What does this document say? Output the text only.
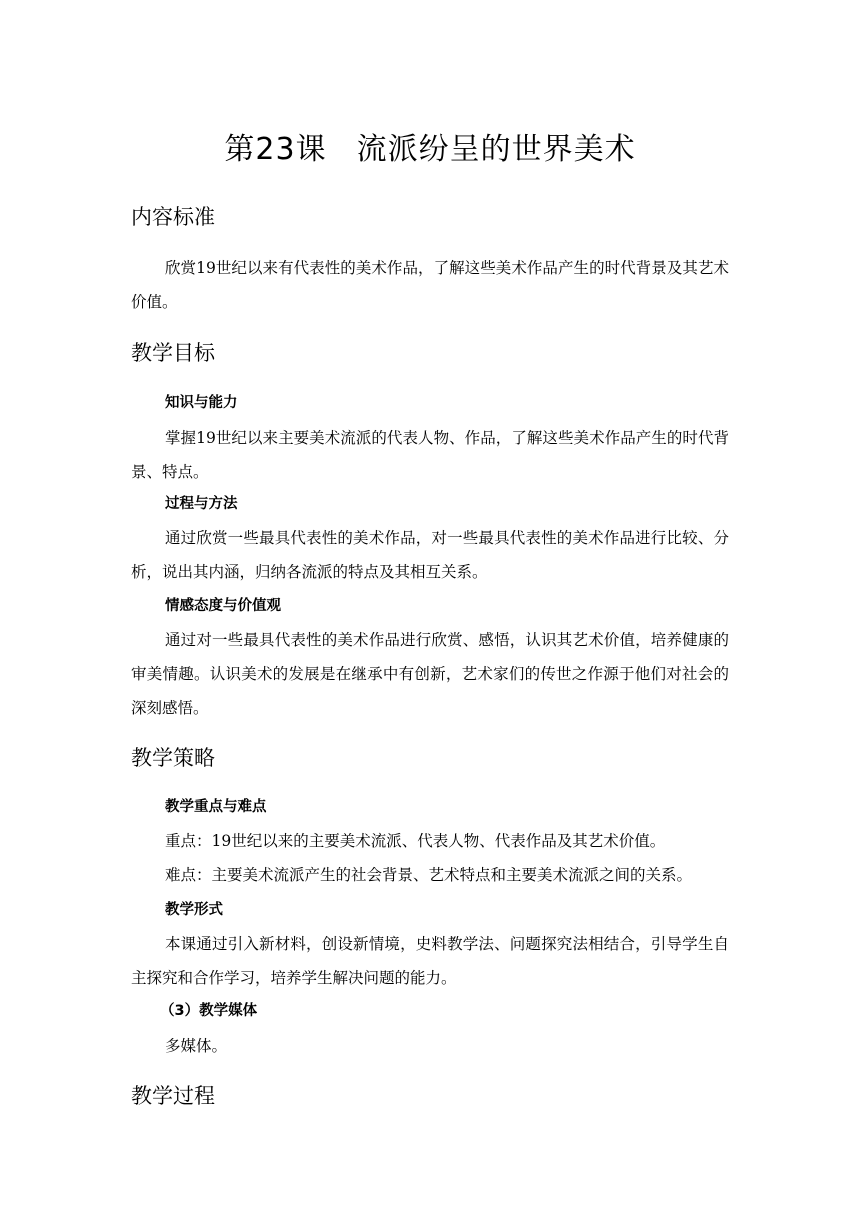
第23课 流派纷呈的世界美术
内容标准

欣赏19世纪以来有代表性的美术作品，了解这些美术作品产生的时代背景及其艺术价值。

教学目标
知识与能力

掌握19世纪以来主要美术流派的代表人物、作品，了解这些美术作品产生的时代背景、特点。

过程与方法

通过欣赏一些最具代表性的美术作品，对一些最具代表性的美术作品进行比较、分析，说出其内涵，归纳各流派的特点及其相互关系。

情感态度与价值观

通过对一些最具代表性的美术作品进行欣赏、感悟，认识其艺术价值，培养健康的审美情趣。认识美术的发展是在继承中有创新，艺术家们的传世之作源于他们对社会的深刻感悟。

教学策略
教学重点与难点
重点：19世纪以来的主要美术流派、代表人物、代表作品及其艺术价值。
难点：主要美术流派产生的社会背景、艺术特点和主要美术流派之间的关系。
教学形式

本课通过引入新材料，创设新情境，史料教学法、问题探究法相结合，引导学生自主探究和合作学习，培养学生解决问题的能力。

（3）教学媒体
多媒体。
教学过程
